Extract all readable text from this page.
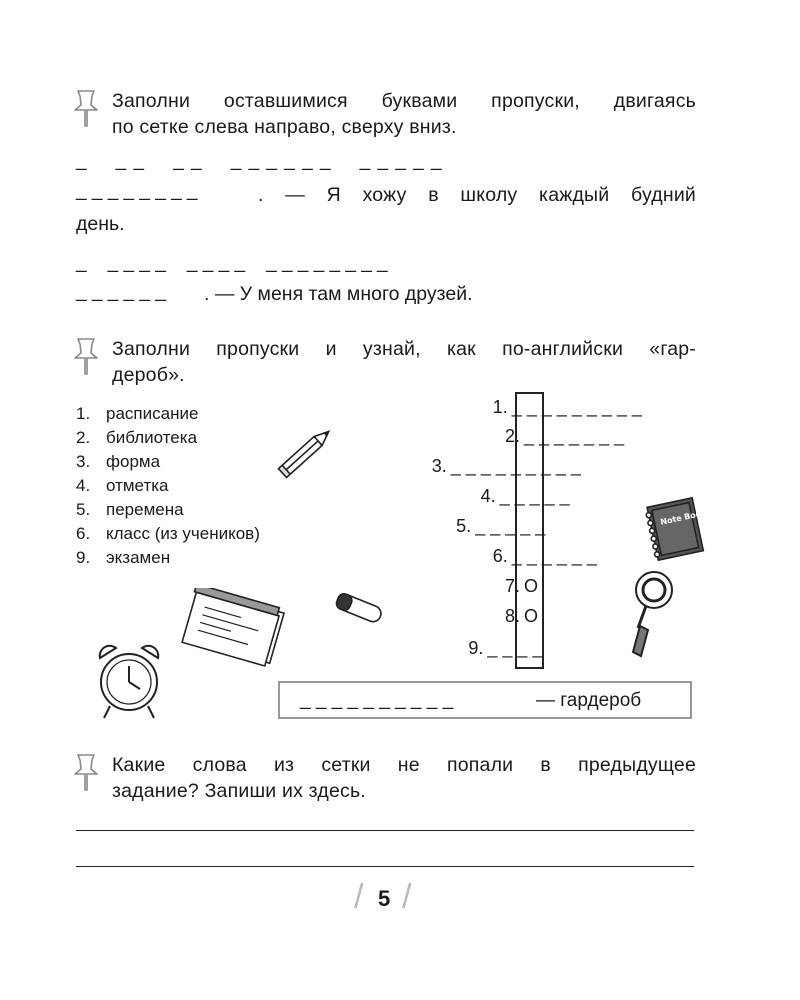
Заполни оставшимися буквами пропуски, двигаясь
по сетке слева направо, сверху вниз.
_    _ _    _ _    _ _ _ _ _ _    _ _ _ _ _
_ _ _ _ _ _ _ _	. — Я хожу в школу каждый будний
день.
_    _ _ _ _    _ _ _ _    _ _ _ _ _ _ _ _
_ _ _ _ _ _ . — У меня там много друзей.
Заполни пропуски и узнай, как по-английски «гар-
дероб».
1. расписание
2. библиотека
3. форма
4. отметка
5. перемена
6. класс (из учеников)
9. экзамен
Note Book
1. _ _ _ _ _ _ _ _ _
2. _ _ _ _ _ _ _
3. _ _ _ _ _ _ _ _ _
4. _ _ _ _ _
5. _ _ _ _ _
6. _ _ _ _ _ _
7. O
8. O
9. _ _ _ _
_ _ _ _ _ _ _ _ _ _	— гардероб
Какие слова из сетки не попали в предыдущее
задание? Запиши их здесь.
/ 5 /
